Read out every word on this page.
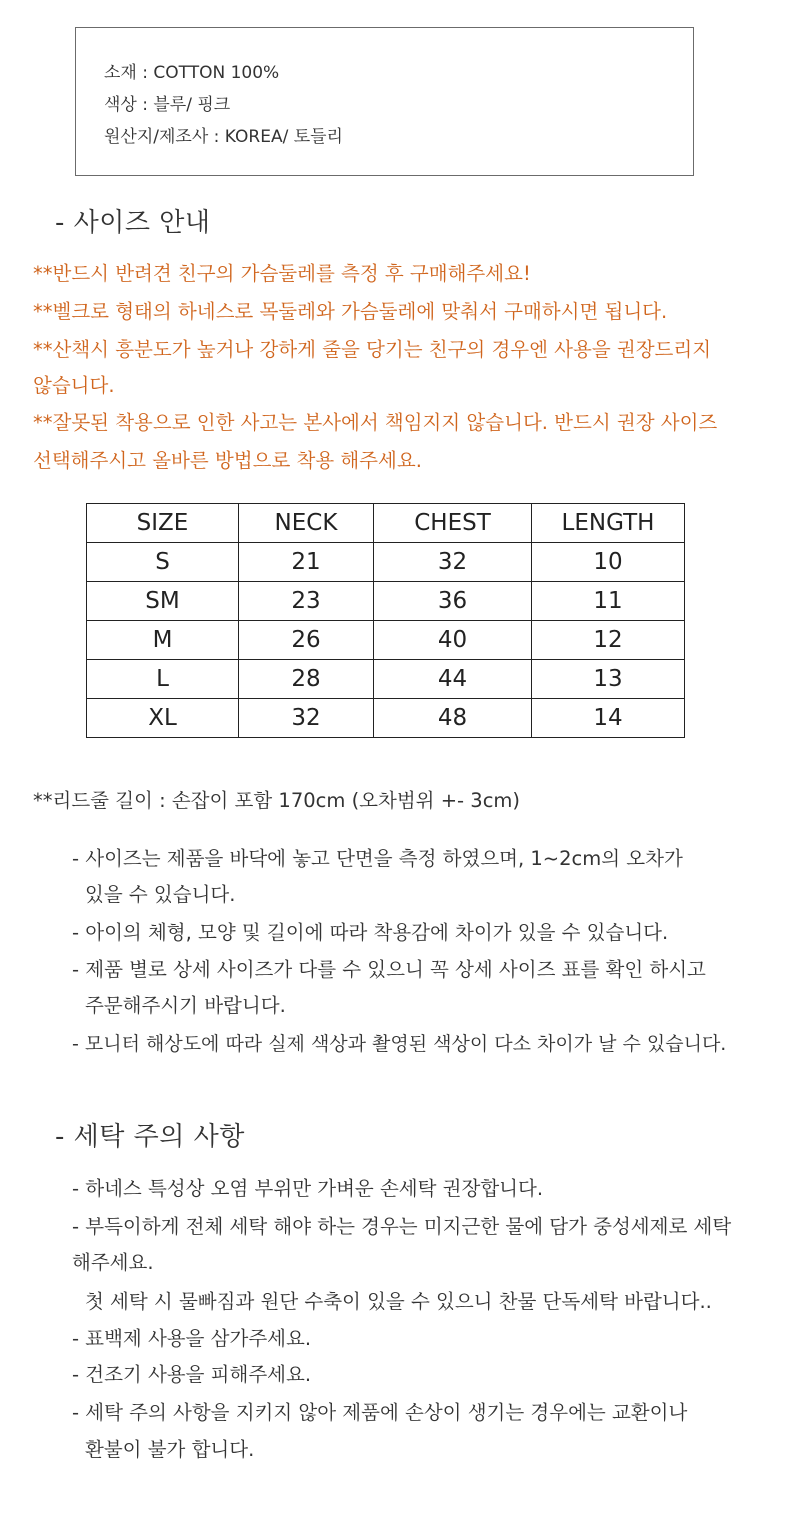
소재 : COTTON 100%
색상 : 블루/ 핑크
원산지/제조사 : KOREA/ 토들리
- 사이즈 안내
**반드시 반려견 친구의 가슴둘레를 측정 후 구매해주세요!
**벨크로 형태의 하네스로 목둘레와 가슴둘레에 맞춰서 구매하시면 됩니다.
**산책시 흥분도가 높거나 강하게 줄을 당기는 친구의 경우엔 사용을 권장드리지
않습니다.
**잘못된 착용으로 인한 사고는 본사에서 책임지지 않습니다. 반드시 권장 사이즈
선택해주시고 올바른 방법으로 착용 해주세요.
SIZE	NECK	CHEST	LENGTH
S	21	32	10
SM	23	36	11
M	26	40	12
L	28	44	13
XL	32	48	14
**리드줄 길이 : 손잡이 포함 170cm (오차범위 +- 3cm)
- 사이즈는 제품을 바닥에 놓고 단면을 측정 하였으며, 1~2cm의 오차가
있을 수 있습니다.
- 아이의 체형, 모양 및 길이에 따라 착용감에 차이가 있을 수 있습니다.
- 제품 별로 상세 사이즈가 다를 수 있으니 꼭 상세 사이즈 표를 확인 하시고
주문해주시기 바랍니다.
- 모니터 해상도에 따라 실제 색상과 촬영된 색상이 다소 차이가 날 수 있습니다.
- 세탁 주의 사항
- 하네스 특성상 오염 부위만 가벼운 손세탁 권장합니다.
- 부득이하게 전체 세탁 해야 하는 경우는 미지근한 물에 담가 중성세제로 세탁
해주세요.
첫 세탁 시 물빠짐과 원단 수축이 있을 수 있으니 찬물 단독세탁 바랍니다..
- 표백제 사용을 삼가주세요.
- 건조기 사용을 피해주세요.
- 세탁 주의 사항을 지키지 않아 제품에 손상이 생기는 경우에는 교환이나
환불이 불가 합니다.
